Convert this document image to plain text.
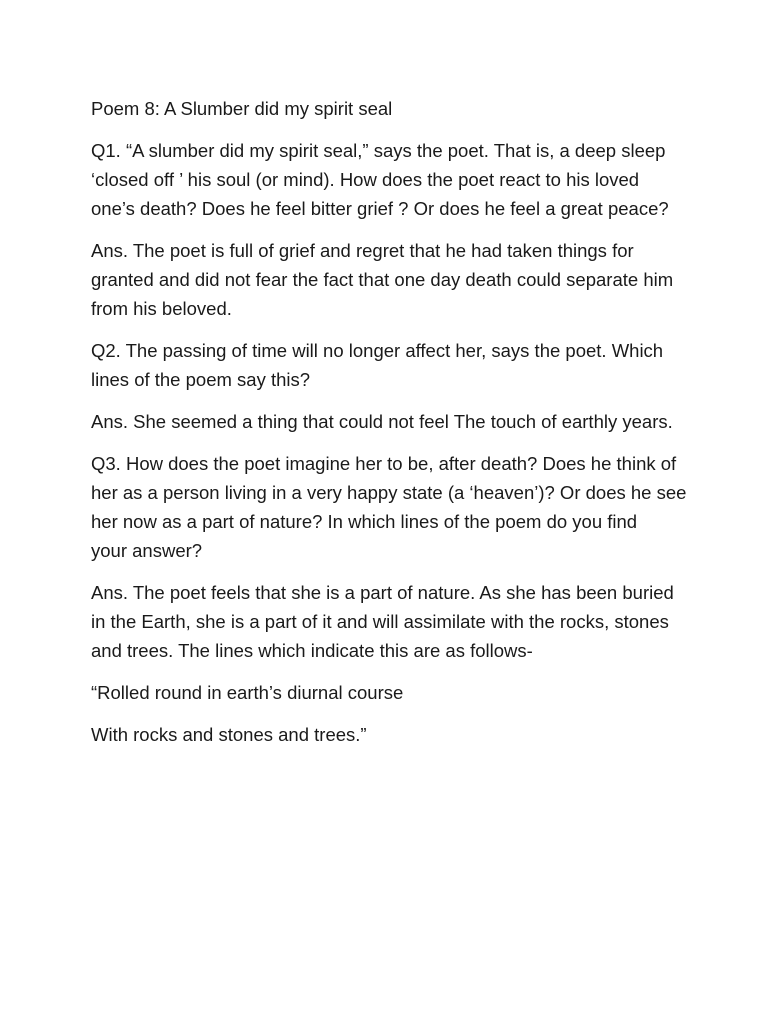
Poem 8: A Slumber did my spirit seal

Q1. “A slumber did my spirit seal,” says the poet. That is, a deep sleep
‘closed off ’ his soul (or mind). How does the poet react to his loved
one’s death? Does he feel bitter grief ? Or does he feel a great peace?

Ans. The poet is full of grief and regret that he had taken things for
granted and did not fear the fact that one day death could separate him
from his beloved.

Q2. The passing of time will no longer affect her, says the poet. Which
lines of the poem say this?

Ans. She seemed a thing that could not feel The touch of earthly years.

Q3. How does the poet imagine her to be, after death? Does he think of
her as a person living in a very happy state (a ‘heaven’)? Or does he see
her now as a part of nature? In which lines of the poem do you find
your answer?

Ans. The poet feels that she is a part of nature. As she has been buried
in the Earth, she is a part of it and will assimilate with the rocks, stones
and trees. The lines which indicate this are as follows-

“Rolled round in earth’s diurnal course

With rocks and stones and trees.”
